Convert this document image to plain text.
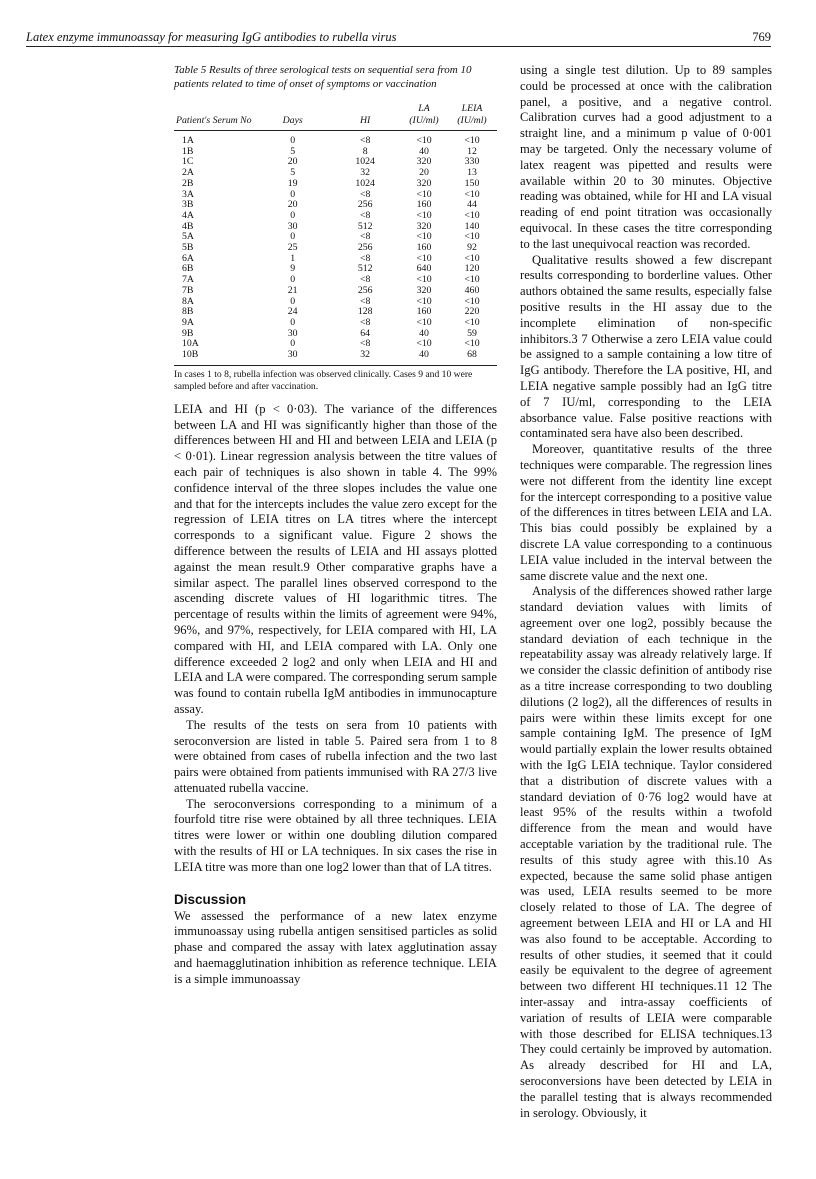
Latex enzyme immunoassay for measuring IgG antibodies to rubella virus	769

Table 5 Results of three serological tests on sequential sera from 10 patients related to time of onset of symptoms or vaccination

Patient's Serum No	Days	HI	LA (IU/ml)	LEIA (IU/ml)
1A	0	<8	<10	<10
1B	5	8	40	12
1C	20	1024	320	330
2A	5	32	20	13
2B	19	1024	320	150
3A	0	<8	<10	<10
3B	20	256	160	44
4A	0	<8	<10	<10
4B	30	512	320	140
5A	0	<8	<10	<10
5B	25	256	160	92
6A	1	<8	<10	<10
6B	9	512	640	120
7A	0	<8	<10	<10
7B	21	256	320	460
8A	0	<8	<10	<10
8B	24	128	160	220
9A	0	<8	<10	<10
9B	30	64	40	59
10A	0	<8	<10	<10
10B	30	32	40	68

In cases 1 to 8, rubella infection was observed clinically. Cases 9 and 10 were sampled before and after vaccination.

LEIA and HI (p < 0·03). The variance of the differences between LA and HI was significantly higher than those of the differences between HI and HI and between LEIA and LEIA (p < 0·01). Linear regression analysis between the titre values of each pair of techniques is also shown in table 4. The 99% confidence interval of the three slopes includes the value one and that for the intercepts includes the value zero except for the regression of LEIA titres on LA titres where the intercept corresponds to a significant value. Figure 2 shows the difference between the results of LEIA and HI assays plotted against the mean result.9 Other comparative graphs have a similar aspect. The parallel lines observed correspond to the ascending discrete values of HI logarithmic titres. The percentage of results within the limits of agreement were 94%, 96%, and 97%, respectively, for LEIA compared with HI, LA compared with HI, and LEIA compared with LA. Only one difference exceeded 2 log2 and only when LEIA and HI and LEIA and LA were compared. The corresponding serum sample was found to contain rubella IgM antibodies in immunocapture assay.

The results of the tests on sera from 10 patients with seroconversion are listed in table 5. Paired sera from 1 to 8 were obtained from cases of rubella infection and the two last pairs were obtained from patients immunised with RA 27/3 live attenuated rubella vaccine.

The seroconversions corresponding to a minimum of a fourfold titre rise were obtained by all three techniques. LEIA titres were lower or within one doubling dilution compared with the results of HI or LA techniques. In six cases the rise in LEIA titre was more than one log2 lower than that of LA titres.

Discussion

We assessed the performance of a new latex enzyme immunoassay using rubella antigen sensitised particles as solid phase and compared the assay with latex agglutination assay and haemagglutination inhibition as reference technique. LEIA is a simple immunoassay

using a single test dilution. Up to 89 samples could be processed at once with the calibration panel, a positive, and a negative control. Calibration curves had a good adjustment to a straight line, and a minimum p value of 0·001 may be targeted. Only the necessary volume of latex reagent was pipetted and results were available within 20 to 30 minutes. Objective reading was obtained, while for HI and LA visual reading of end point titration was occasionally equivocal. In these cases the titre corresponding to the last unequivocal reaction was recorded.

Qualitative results showed a few discrepant results corresponding to borderline values. Other authors obtained the same results, especially false positive results in the HI assay due to the incomplete elimination of non-specific inhibitors.3 7 Otherwise a zero LEIA value could be assigned to a sample containing a low titre of IgG antibody. Therefore the LA positive, HI, and LEIA negative sample possibly had an IgG titre of 7 IU/ml, corresponding to the LEIA absorbance value. False positive reactions with contaminated sera have also been described.

Moreover, quantitative results of the three techniques were comparable. The regression lines were not different from the identity line except for the intercept corresponding to a positive value of the differences in titres between LEIA and LA. This bias could possibly be explained by a discrete LA value corresponding to a continuous LEIA value included in the interval between the same discrete value and the next one.

Analysis of the differences showed rather large standard deviation values with limits of agreement over one log2, possibly because the standard deviation of each technique in the repeatability assay was already relatively large. If we consider the classic definition of antibody rise as a titre increase corresponding to two doubling dilutions (2 log2), all the differences of results in pairs were within these limits except for one sample containing IgM. The presence of IgM would partially explain the lower results obtained with the IgG LEIA technique. Taylor considered that a distribution of discrete values with a standard deviation of 0·76 log2 would have at least 95% of the results within a twofold difference from the mean and would have acceptable variation by the traditional rule. The results of this study agree with this.10 As expected, because the same solid phase antigen was used, LEIA results seemed to be more closely related to those of LA. The degree of agreement between LEIA and HI or LA and HI was also found to be acceptable. According to results of other studies, it seemed that it could easily be equivalent to the degree of agreement between two different HI techniques.11 12 The inter-assay and intra-assay coefficients of variation of results of LEIA were comparable with those described for ELISA techniques.13 They could certainly be improved by automation. As already described for HI and LA, seroconversions have been detected by LEIA in the parallel testing that is always recommended in serology. Obviously, it
